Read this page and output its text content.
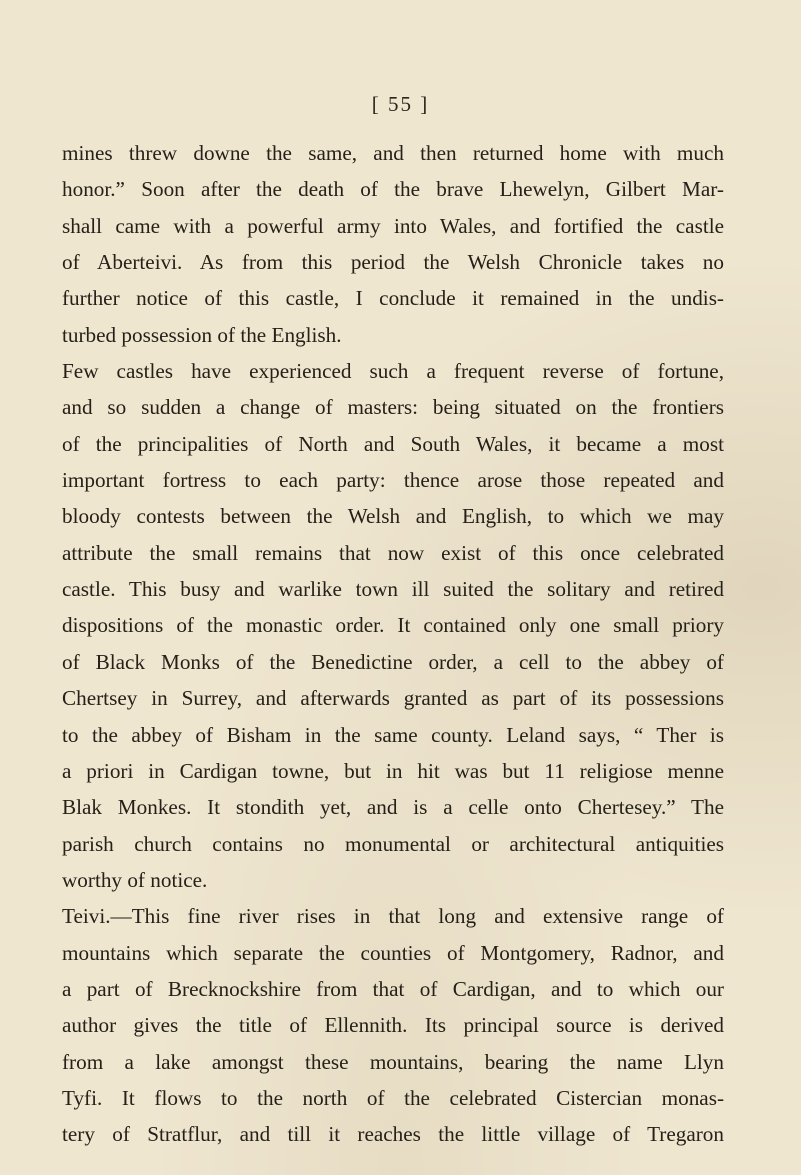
[ 55 ]
mines threw downe the same, and then returned home with much
honor.” Soon after the death of the brave Lhewelyn, Gilbert Mar-
shall came with a powerful army into Wales, and fortified the castle
of Aberteivi. As from this period the Welsh Chronicle takes no
further notice of this castle, I conclude it remained in the undis-
turbed possession of the English.
Few castles have experienced such a frequent reverse of fortune,
and so sudden a change of masters: being situated on the frontiers
of the principalities of North and South Wales, it became a most
important fortress to each party: thence arose those repeated and
bloody contests between the Welsh and English, to which we may
attribute the small remains that now exist of this once celebrated
castle. This busy and warlike town ill suited the solitary and retired
dispositions of the monastic order. It contained only one small priory
of Black Monks of the Benedictine order, a cell to the abbey of
Chertsey in Surrey, and afterwards granted as part of its possessions
to the abbey of Bisham in the same county. Leland says, “ Ther is
a priori in Cardigan towne, but in hit was but 11 religiose menne
Blak Monkes. It stondith yet, and is a celle onto Chertesey.” The
parish church contains no monumental or architectural antiquities
worthy of notice.
Teivi.—This fine river rises in that long and extensive range of
mountains which separate the counties of Montgomery, Radnor, and
a part of Brecknockshire from that of Cardigan, and to which our
author gives the title of Ellennith. Its principal source is derived
from a lake amongst these mountains, bearing the name Llyn
Tyfi. It flows to the north of the celebrated Cistercian monas-
tery of Stratflur, and till it reaches the little village of Tregaron
